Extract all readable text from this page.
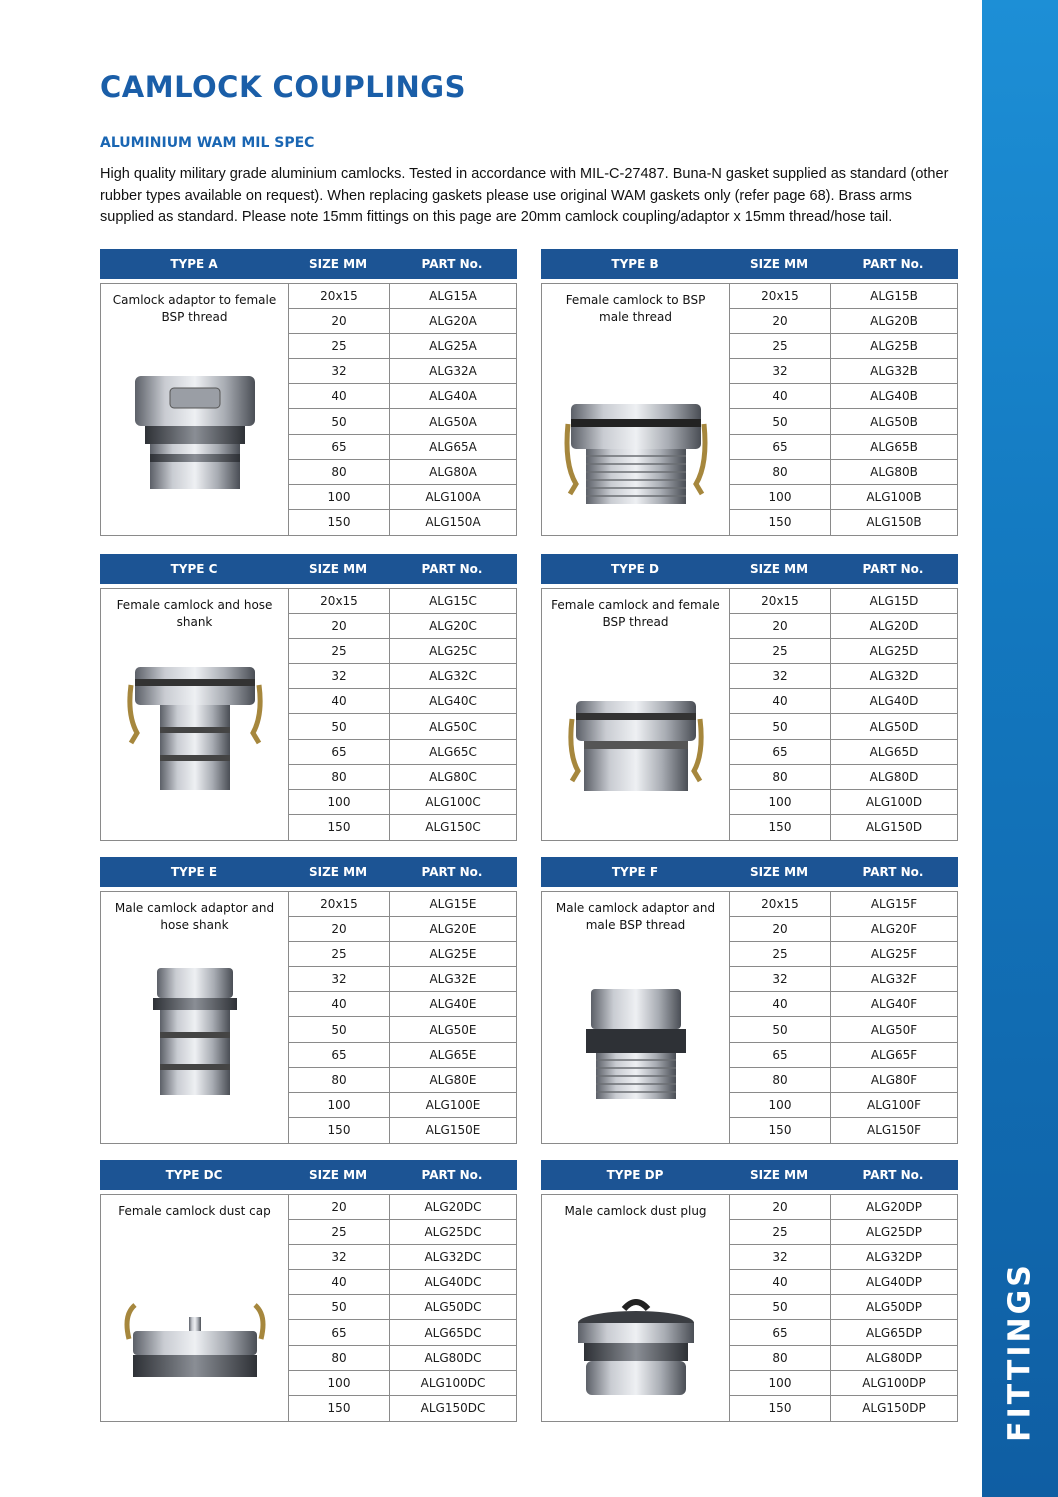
FITTINGS
CAMLOCK COUPLINGS
ALUMINIUM WAM MIL SPEC

High quality military grade aluminium camlocks. Tested in accordance with MIL-C-27487. Buna-N gasket supplied as standard (other rubber types available on request). When replacing gaskets please use original WAM gaskets only (refer page 68). Brass arms supplied as standard. Please note 15mm fittings on this page are 20mm camlock coupling/adaptor x 15mm thread/hose tail.

TYPE A	SIZE MM	PART No.
Camlock adaptor to female BSP thread
20x15	ALG15A
20	ALG20A
25	ALG25A
32	ALG32A
40	ALG40A
50	ALG50A
65	ALG65A
80	ALG80A
100	ALG100A
150	ALG150A
TYPE B	SIZE MM	PART No.
Female camlock to BSP male thread
20x15	ALG15B
20	ALG20B
25	ALG25B
32	ALG32B
40	ALG40B
50	ALG50B
65	ALG65B
80	ALG80B
100	ALG100B
150	ALG150B
TYPE C	SIZE MM	PART No.
Female camlock and hose shank
20x15	ALG15C
20	ALG20C
25	ALG25C
32	ALG32C
40	ALG40C
50	ALG50C
65	ALG65C
80	ALG80C
100	ALG100C
150	ALG150C
TYPE D	SIZE MM	PART No.
Female camlock and female BSP thread
20x15	ALG15D
20	ALG20D
25	ALG25D
32	ALG32D
40	ALG40D
50	ALG50D
65	ALG65D
80	ALG80D
100	ALG100D
150	ALG150D
TYPE E	SIZE MM	PART No.
Male camlock adaptor and hose shank
20x15	ALG15E
20	ALG20E
25	ALG25E
32	ALG32E
40	ALG40E
50	ALG50E
65	ALG65E
80	ALG80E
100	ALG100E
150	ALG150E
TYPE F	SIZE MM	PART No.
Male camlock adaptor and male BSP thread
20x15	ALG15F
20	ALG20F
25	ALG25F
32	ALG32F
40	ALG40F
50	ALG50F
65	ALG65F
80	ALG80F
100	ALG100F
150	ALG150F
TYPE DC	SIZE MM	PART No.
Female camlock dust cap	20	ALG20DC
25	ALG25DC
32	ALG32DC
40	ALG40DC
50	ALG50DC
65	ALG65DC
80	ALG80DC
100	ALG100DC
150	ALG150DC
TYPE DP	SIZE MM	PART No.
Male camlock dust plug	20	ALG20DP
25	ALG25DP
32	ALG32DP
40	ALG40DP
50	ALG50DP
65	ALG65DP
80	ALG80DP
100	ALG100DP
150	ALG150DP
